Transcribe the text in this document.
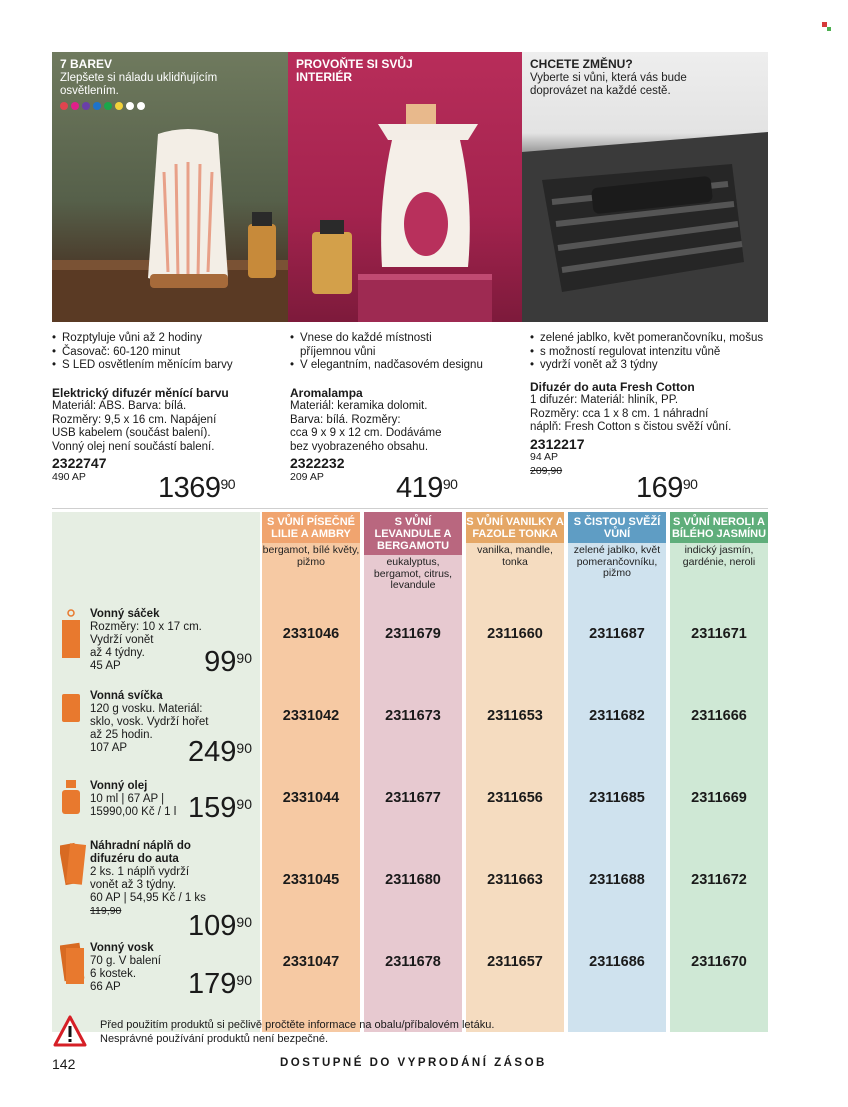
7 BAREV
Zlepšete si náladu uklidňujícím osvětlením.
PROVOŇTE SI SVŮJ INTERIÉR
CHCETE ZMĚNU?
Vyberte si vůni, která vás bude doprovázet na každé cestě.
• Rozptyluje vůni až 2 hodiny
• Časovač: 60-120 minut
• S LED osvětlením měnícím barvy
Elektrický difuzér měnící barvu
Materiál: ABS. Barva: bílá.
Rozměry: 9,5 x 16 cm. Napájení
USB kabelem (součást balení).
Vonný olej není součástí balení.
2322747
490 AP	1369$^{90}$
• Vnese do každé místnosti příjemnou vůni
• V elegantním, nadčasovém designu
Aromalampa
Materiál: keramika dolomit.
Barva: bílá. Rozměry:
cca 9 x 9 x 12 cm. Dodáváme
bez vyobrazeného obsahu.
2322232
209 AP	$419^{90}$
• zelené jablko, květ pomerančovníku, mošus
• s možností regulovat intenzitu vůně
• vydrží vonět až 3 týdny
Difuzér do auta Fresh Cotton
1 difuzér: Materiál: hliník, PP.
Rozměry: cca 1 x 8 cm. 1 náhradní
náplň: Fresh Cotton s čistou svěží vůní.
2312217
94 AP
209,90
$169^{90}$
S VŮNÍ PÍSEČNÉ LILIE A AMBRY
bergamot, bílé květy, pižmo
S VŮNÍ LEVANDULE A BERGAMOTU
eukalyptus, bergamot, citrus, levandule
S VŮNÍ VANILKY A FAZOLE TONKA
vanilka, mandle, tonka
S ČISTOU SVĚŽÍ VŮNÍ
zelené jablko, květ pomerančovníku, pižmo
S VŮNÍ NEROLI A BÍLÉHO JASMÍNU
indický jasmín, gardénie, neroli
Vonný sáček
Rozměry: 10 x 17 cm.
Vydrží vonět
až 4 týdny.
45 AP	$99^{90}$
2331046	2311679	2311660	2311687	2311671
Vonná svíčka
120 g vosku. Materiál:
sklo, vosk. Vydrží hořet
až 25 hodin.
107 AP	$249^{90}$
2331042	2311673	2311653	2311682	2311666
Vonný olej
10 ml | 67 AP |
15990,00 Kč / 1 l $159^{90}$	2331044	2311677	2311656	2311685	2311669
Náhradní náplň do difuzéru do auta
2 ks. 1 náplň vydrží
vonět až 3 týdny.
60 AP | 54,95 Kč / 1 ks
119,90	$109^{90}$
2331045	2311680	2311663	2311688	2311672
Vonný vosk
70 g. V balení
6 kostek.
66 AP	$179^{90}$
2331047	2311678	2311657	2311686	2311670
Před použitím produktů si pečlivě pročtěte informace na obalu/příbalovém letáku.
Nesprávné používání produktů není bezpečné.
142	DOSTUPNÉ DO VYPRODÁNÍ ZÁSOB
